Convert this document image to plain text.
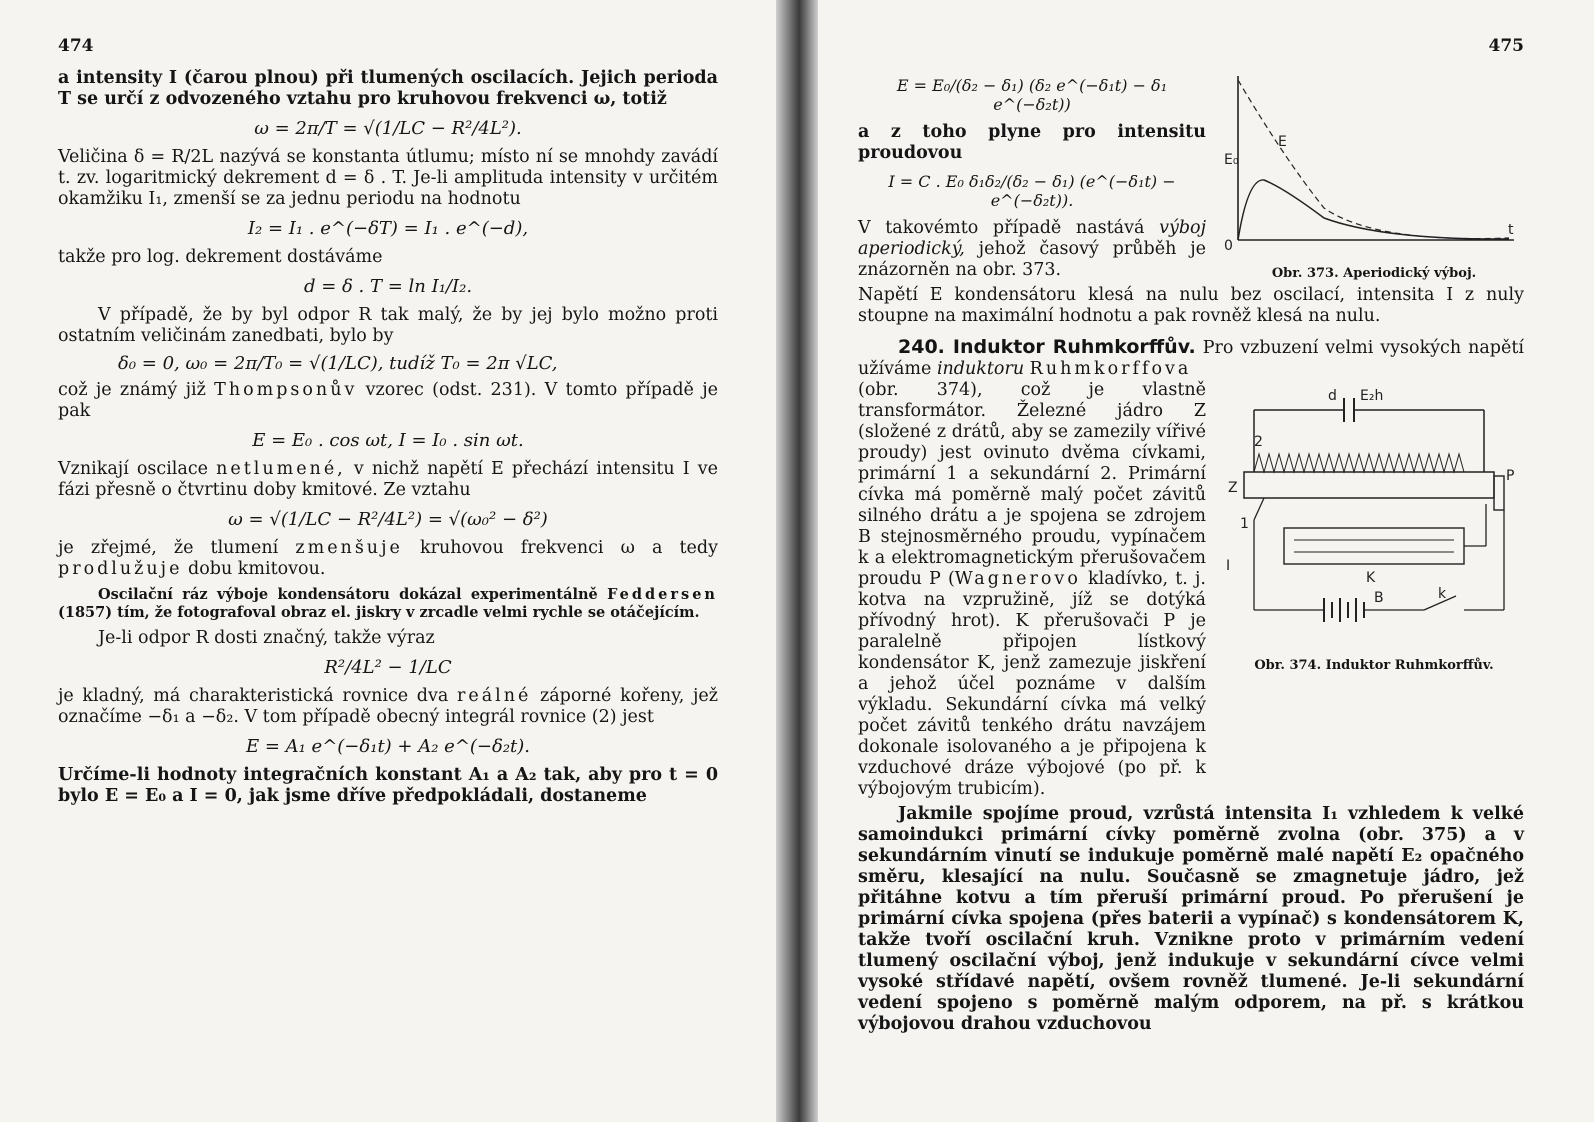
474

a intensity I (čarou plnou) při tlumených oscilacích. Jejich perioda T se určí z odvozeného vztahu pro kruhovou frekvenci ω, totiž

ω = 2π/T = √(1/LC − R²/4L²).

Veličina δ = R/2L nazývá se konstanta útlumu; místo ní se mnohdy zavádí t. zv. logaritmický dekrement d = δ . T. Je-li amplituda intensity v určitém okamžiku I₁, zmenší se za jednu periodu na hodnotu

I₂ = I₁ . e^(−δT) = I₁ . e^(−d),

takže pro log. dekrement dostáváme

d = δ . T = ln I₁/I₂.

V případě, že by byl odpor R tak malý, že by jej bylo možno proti ostatním veličinám zanedbati, bylo by

δ₀ = 0, ω₀ = 2π/T₀ = √(1/LC), tudíž T₀ = 2π √LC,

což je známý již Thompsonův vzorec (odst. 231). V tomto případě je pak

E = E₀ . cos ωt, I = I₀ . sin ωt.

Vznikají oscilace netlumené, v nichž napětí E přechází intensitu I ve fázi přesně o čtvrtinu doby kmitové. Ze vztahu

ω = √(1/LC − R²/4L²) = √(ω₀² − δ²)

je zřejmé, že tlumení zmenšuje kruhovou frekvenci ω a tedy prodlužuje dobu kmitovou.

Oscilační ráz výboje kondensátoru dokázal experimentálně Feddersen (1857) tím, že fotografoval obraz el. jiskry v zrcadle velmi rychle se otáčejícím.

Je-li odpor R dosti značný, takže výraz

R²/4L² − 1/LC

je kladný, má charakteristická rovnice dva reálné záporné kořeny, jež označíme −δ₁ a −δ₂. V tom případě obecný integrál rovnice (2) jest

E = A₁ e^(−δ₁t) + A₂ e^(−δ₂t).

Určíme-li hodnoty integračních konstant A₁ a A₂ tak, aby pro t = 0 bylo E = E₀ a I = 0, jak jsme dříve předpokládali, dostaneme

475
E = E₀/(δ₂ − δ₁) (δ₂ e^(−δ₁t) − δ₁ e^(−δ₂t))

a z toho plyne pro intensitu proudovou

I = C . E₀ δ₁δ₂/(δ₂ − δ₁) (e^(−δ₁t) − e^(−δ₂t)).

V takovémto případě nastává výboj aperiodický, jehož časový průběh je znázorněn na obr. 373.

E
E₀
t
0
Obr. 373. Aperiodický výboj.

Napětí E kondensátoru klesá na nulu bez oscilací, intensita I z nuly stoupne na maximální hodnotu a pak rovněž klesá na nulu.

240. Induktor Ruhmkorffův. Pro vzbuzení velmi vysokých napětí užíváme induktoru Ruhmkorffova

(obr. 374), což je vlastně transformátor. Železné jádro Z (složené z drátů, aby se zamezily vířivé proudy) jest ovinuto dvěma cívkami, primární 1 a sekundární 2. Primární cívka má poměrně malý počet závitů silného drátu a je spojena se zdrojem B stejnosměrného proudu, vypínačem k a elektromagnetickým přerušovačem proudu P (Wagnerovo kladívko, t. j. kotva na vzpružině, jíž se dotýká přívodný hrot). K přerušovači P je paralelně připojen lístkový kondensátor K, jenž zamezuje jiskření a jehož účel poznáme v dalším výkladu. Sekundární cívka má velký počet závitů tenkého drátu navzájem dokonale isolovaného a je připojena k vzduchové dráze výbojové (po př. k výbojovým trubicím).

d E₂h
2
Z
1
P
I
K
B	k
Obr. 374. Induktor Ruhmkorffův.

Jakmile spojíme proud, vzrůstá intensita I₁ vzhledem k velké samoindukci primární cívky poměrně zvolna (obr. 375) a v sekundárním vinutí se indukuje poměrně malé napětí E₂ opačného směru, klesající na nulu. Současně se zmagnetuje jádro, jež přitáhne kotvu a tím přeruší primární proud. Po přerušení je primární cívka spojena (přes baterii a vypínač) s kondensátorem K, takže tvoří oscilační kruh. Vznikne proto v primárním vedení tlumený oscilační výboj, jenž indukuje v sekundární cívce velmi vysoké střídavé napětí, ovšem rovněž tlumené. Je-li sekundární vedení spojeno s poměrně malým odporem, na př. s krátkou výbojovou drahou vzduchovou
